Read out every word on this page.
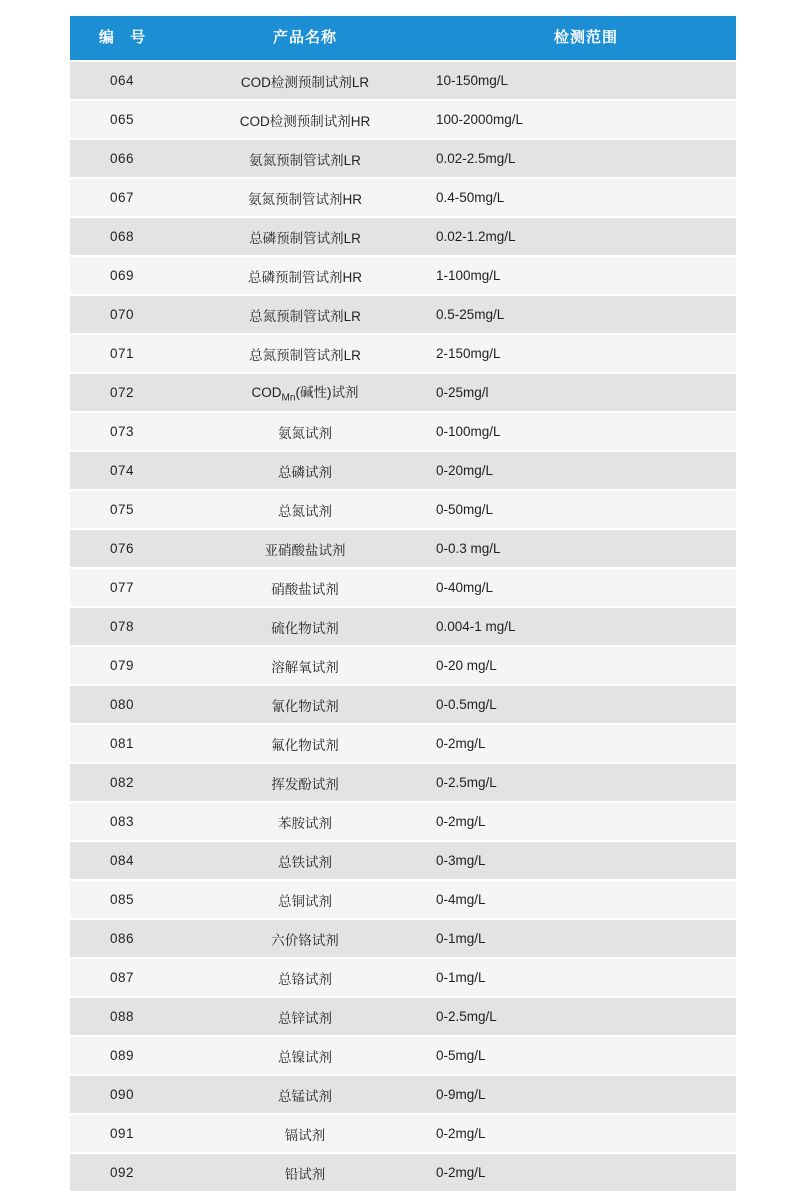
编 号	产品名称	检测范围
064	COD检测预制试剂LR	10-150mg/L
065	COD检测预制试剂HR	100-2000mg/L
066	氨氮预制管试剂LR	0.02-2.5mg/L
067	氨氮预制管试剂HR	0.4-50mg/L
068	总磷预制管试剂LR	0.02-1.2mg/L
069	总磷预制管试剂HR	1-100mg/L
070	总氮预制管试剂LR	0.5-25mg/L
071	总氮预制管试剂LR	2-150mg/L
072	$COD_{Mn}$(碱性)试剂	0-25mg/l
073	氨氮试剂	0-100mg/L
074	总磷试剂	0-20mg/L
075	总氮试剂	0-50mg/L
076	亚硝酸盐试剂	0-0.3 mg/L
077	硝酸盐试剂	0-40mg/L
078	硫化物试剂	0.004-1 mg/L
079	溶解氧试剂	0-20 mg/L
080	氰化物试剂	0-0.5mg/L
081	氟化物试剂	0-2mg/L
082	挥发酚试剂	0-2.5mg/L
083	苯胺试剂	0-2mg/L
084	总铁试剂	0-3mg/L
085	总铜试剂	0-4mg/L
086	六价铬试剂	0-1mg/L
087	总铬试剂	0-1mg/L
088	总锌试剂	0-2.5mg/L
089	总镍试剂	0-5mg/L
090	总锰试剂	0-9mg/L
091	镉试剂	0-2mg/L
092	铅试剂	0-2mg/L
